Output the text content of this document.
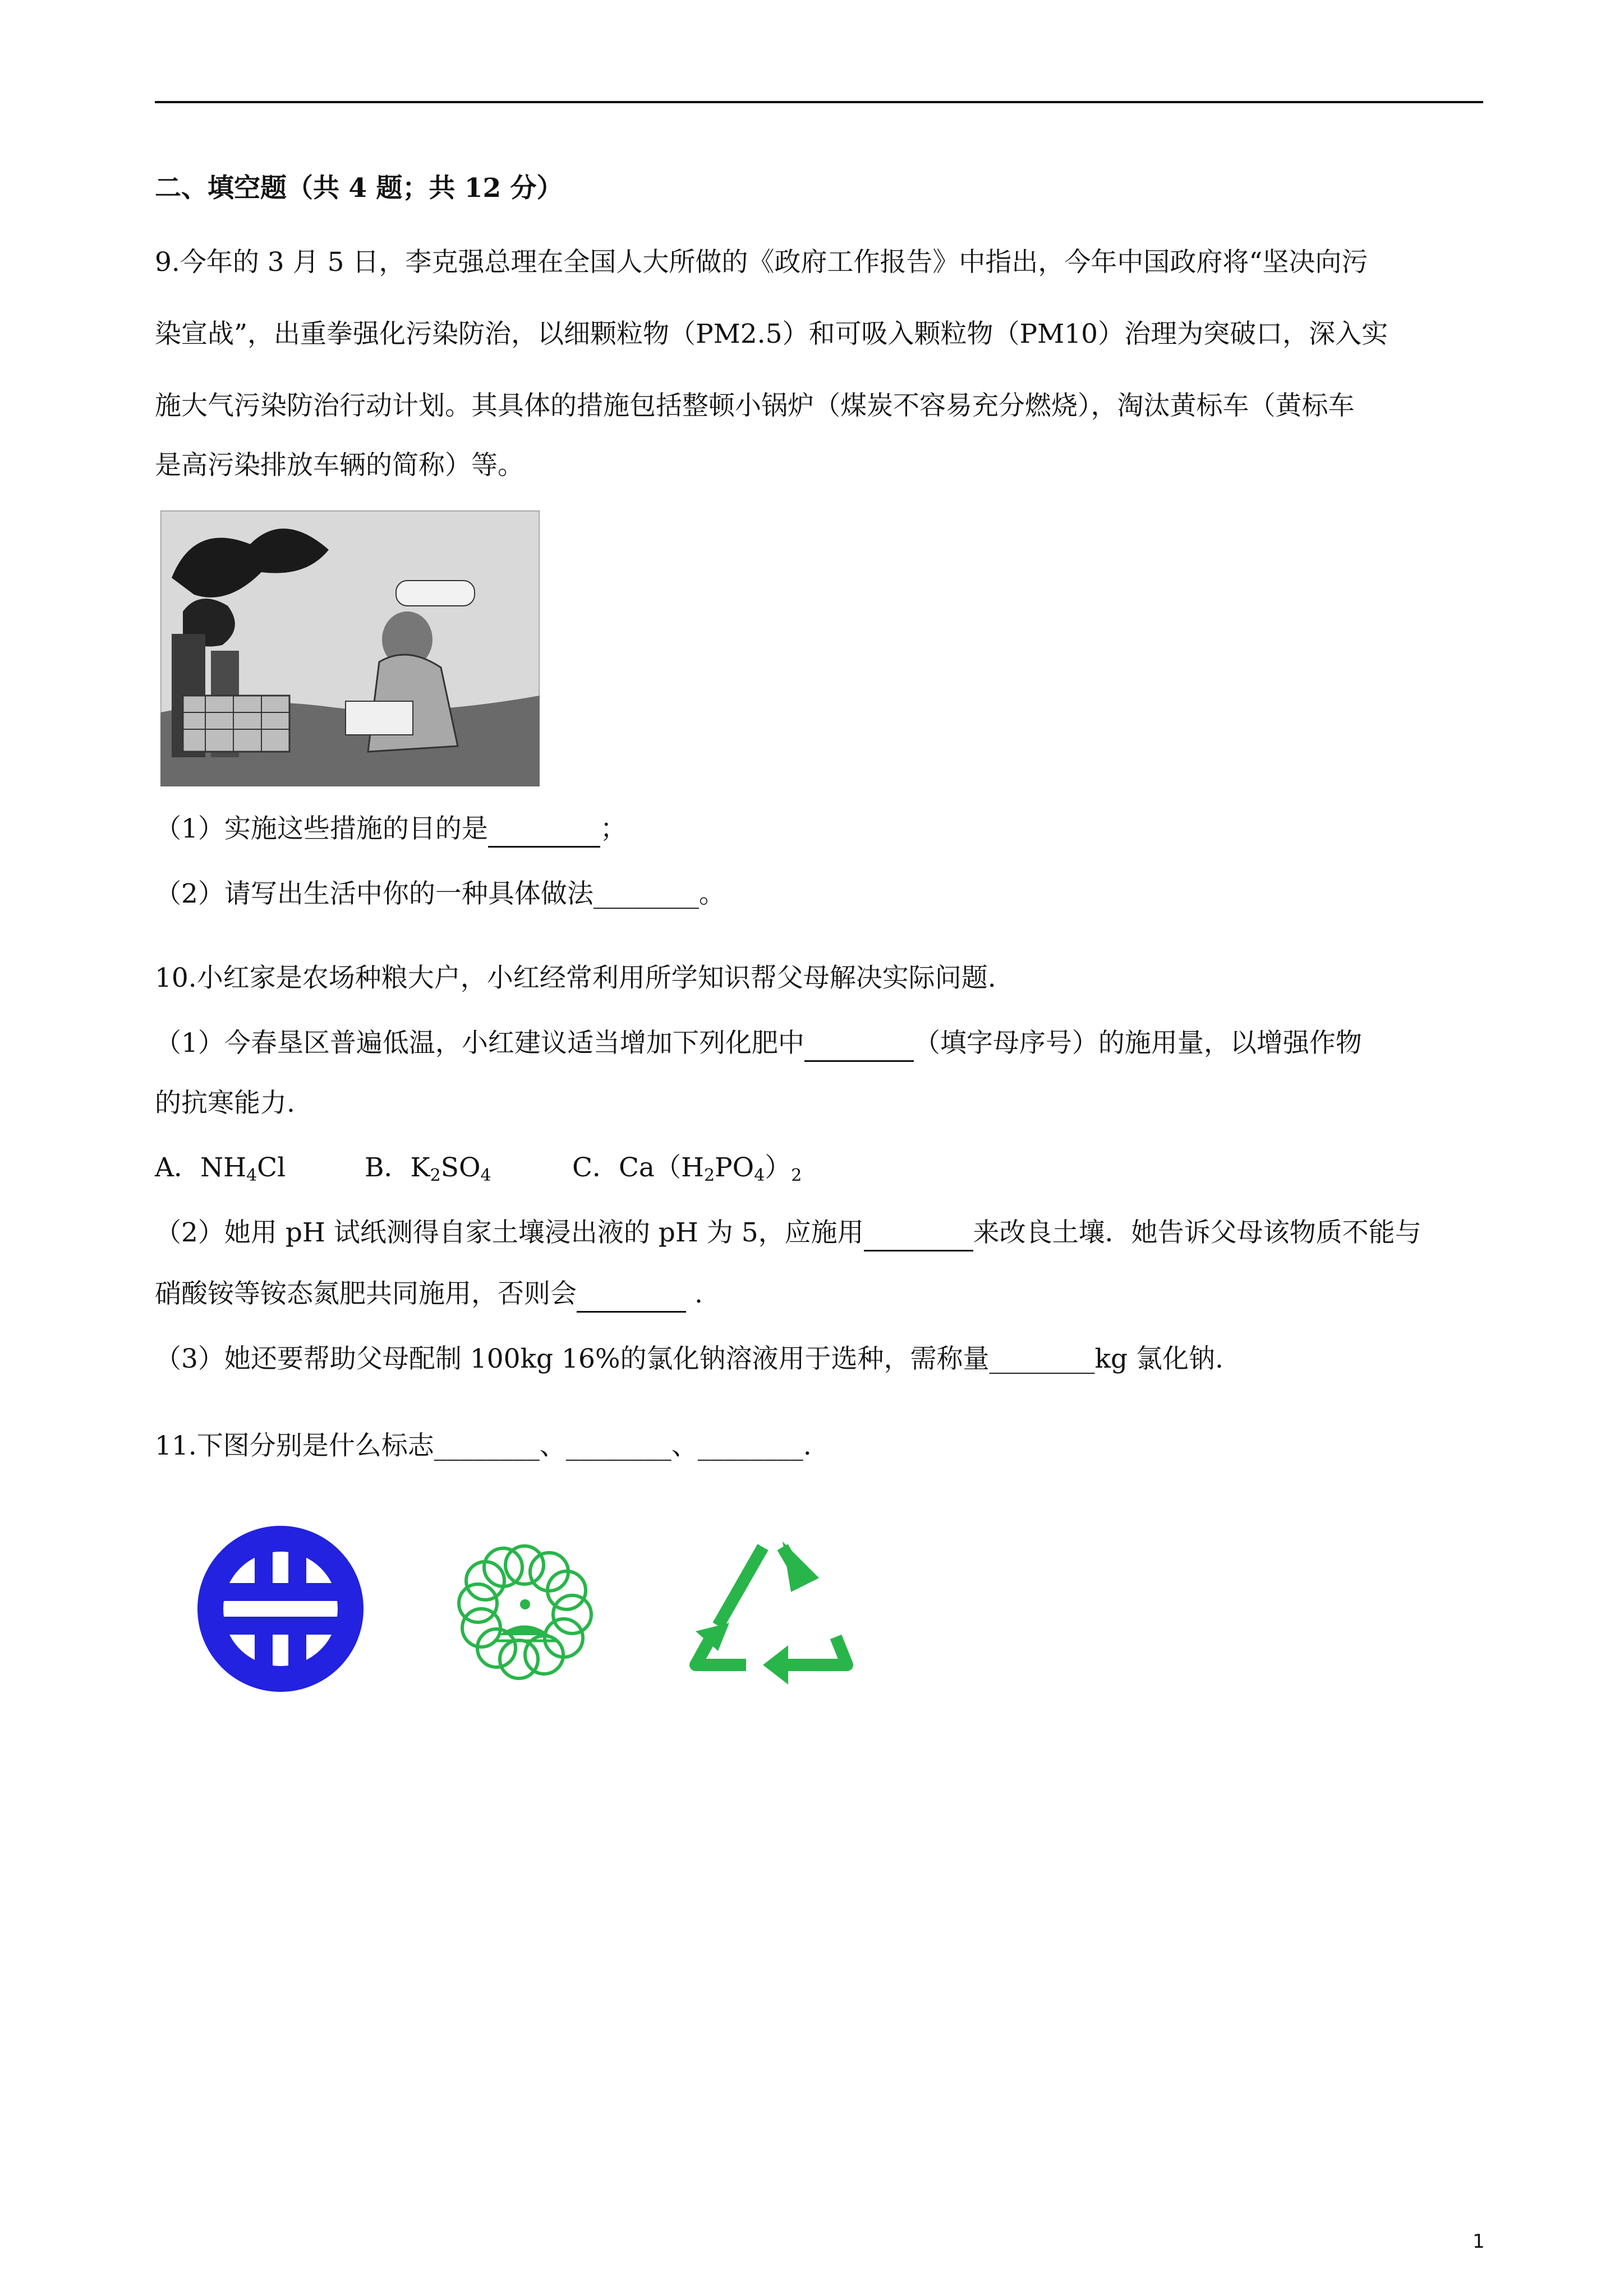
二、填空题（共 4 题；共 12 分）
9.今年的 3 月 5 日，李克强总理在全国人大所做的《政府工作报告》中指出，今年中国政府将“坚决向污
染宣战”，出重拳强化污染防治，以细颗粒物（PM2.5）和可吸入颗粒物（PM10）治理为突破口，深入实
施大气污染防治行动计划。其具体的措施包括整顿小锅炉（煤炭不容易充分燃烧），淘汰黄标车（黄标车
是高污染排放车辆的简称）等。
（1）实施这些措施的目的是	；
（2）请写出生活中你的一种具体做法________。
10.小红家是农场种粮大户，小红经常利用所学知识帮父母解决实际问题.
（1）今春垦区普遍低温，小红建议适当增加下列化肥中	（填字母序号）的施用量，以增强作物
的抗寒能力.
A．$NH_4Cl$	B．$K_2SO_4$	C．$Ca(H_2PO_4)_2$
（2）她用 pH 试纸测得自家土壤浸出液的 pH 为 5，应施用	来改良土壤．她告诉父母该物质不能与
硝酸铵等铵态氮肥共同施用，否则会	.
（3）她还要帮助父母配制 100kg 16%的氯化钠溶液用于选种，需称量________kg 氯化钠.
11.下图分别是什么标志________、________、________.
1
